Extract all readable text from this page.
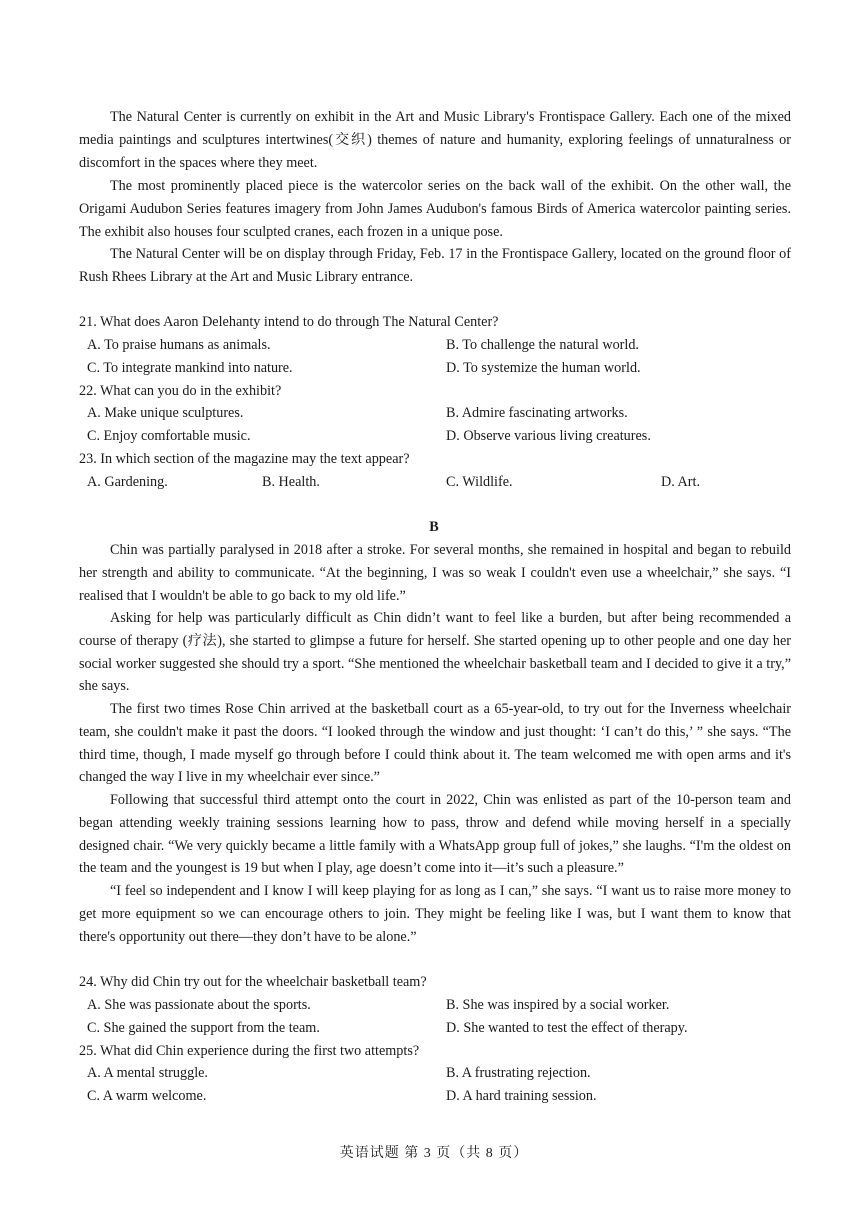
The Natural Center is currently on exhibit in the Art and Music Library's Frontispace Gallery. Each one of the mixed media paintings and sculptures intertwines(交织) themes of nature and humanity, exploring feelings of unnaturalness or discomfort in the spaces where they meet.

The most prominently placed piece is the watercolor series on the back wall of the exhibit. On the other wall, the Origami Audubon Series features imagery from John James Audubon's famous Birds of America watercolor painting series. The exhibit also houses four sculpted cranes, each frozen in a unique pose.

The Natural Center will be on display through Friday, Feb. 17 in the Frontispace Gallery, located on the ground floor of Rush Rhees Library at the Art and Music Library entrance.

21. What does Aaron Delehanty intend to do through The Natural Center?

A. To praise humans as animals.	B. To challenge the natural world.
C. To integrate mankind into nature.	D. To systemize the human world.

22. What can you do in the exhibit?

A. Make unique sculptures.	B. Admire fascinating artworks.
C. Enjoy comfortable music.	D. Observe various living creatures.

23. In which section of the magazine may the text appear?

A. Gardening.	B. Health.	C. Wildlife.	D. Art.
B

Chin was partially paralysed in 2018 after a stroke. For several months, she remained in hospital and began to rebuild her strength and ability to communicate. “At the beginning, I was so weak I couldn't even use a wheelchair,” she says. “I realised that I wouldn't be able to go back to my old life.”

Asking for help was particularly difficult as Chin didn’t want to feel like a burden, but after being recommended a course of therapy (疗法), she started to glimpse a future for herself. She started opening up to other people and one day her social worker suggested she should try a sport. “She mentioned the wheelchair basketball team and I decided to give it a try,” she says.

The first two times Rose Chin arrived at the basketball court as a 65-year-old, to try out for the Inverness wheelchair team, she couldn't make it past the doors. “I looked through the window and just thought: ‘I can’t do this,’ ” she says. “The third time, though, I made myself go through before I could think about it. The team welcomed me with open arms and it's changed the way I live in my wheelchair ever since.”

Following that successful third attempt onto the court in 2022, Chin was enlisted as part of the 10-person team and began attending weekly training sessions learning how to pass, throw and defend while moving herself in a specially designed chair. “We very quickly became a little family with a WhatsApp group full of jokes,” she laughs. “I'm the oldest on the team and the youngest is 19 but when I play, age doesn’t come into it—it’s such a pleasure.”

“I feel so independent and I know I will keep playing for as long as I can,” she says. “I want us to raise more money to get more equipment so we can encourage others to join. They might be feeling like I was, but I want them to know that there's opportunity out there—they don’t have to be alone.”

24. Why did Chin try out for the wheelchair basketball team?

A. She was passionate about the sports.	B. She was inspired by a social worker.
C. She gained the support from the team.	D. She wanted to test the effect of therapy.

25. What did Chin experience during the first two attempts?

A. A mental struggle.	B. A frustrating rejection.
C. A warm welcome.	D. A hard training session.
英语试题 第 3 页（共 8 页）
